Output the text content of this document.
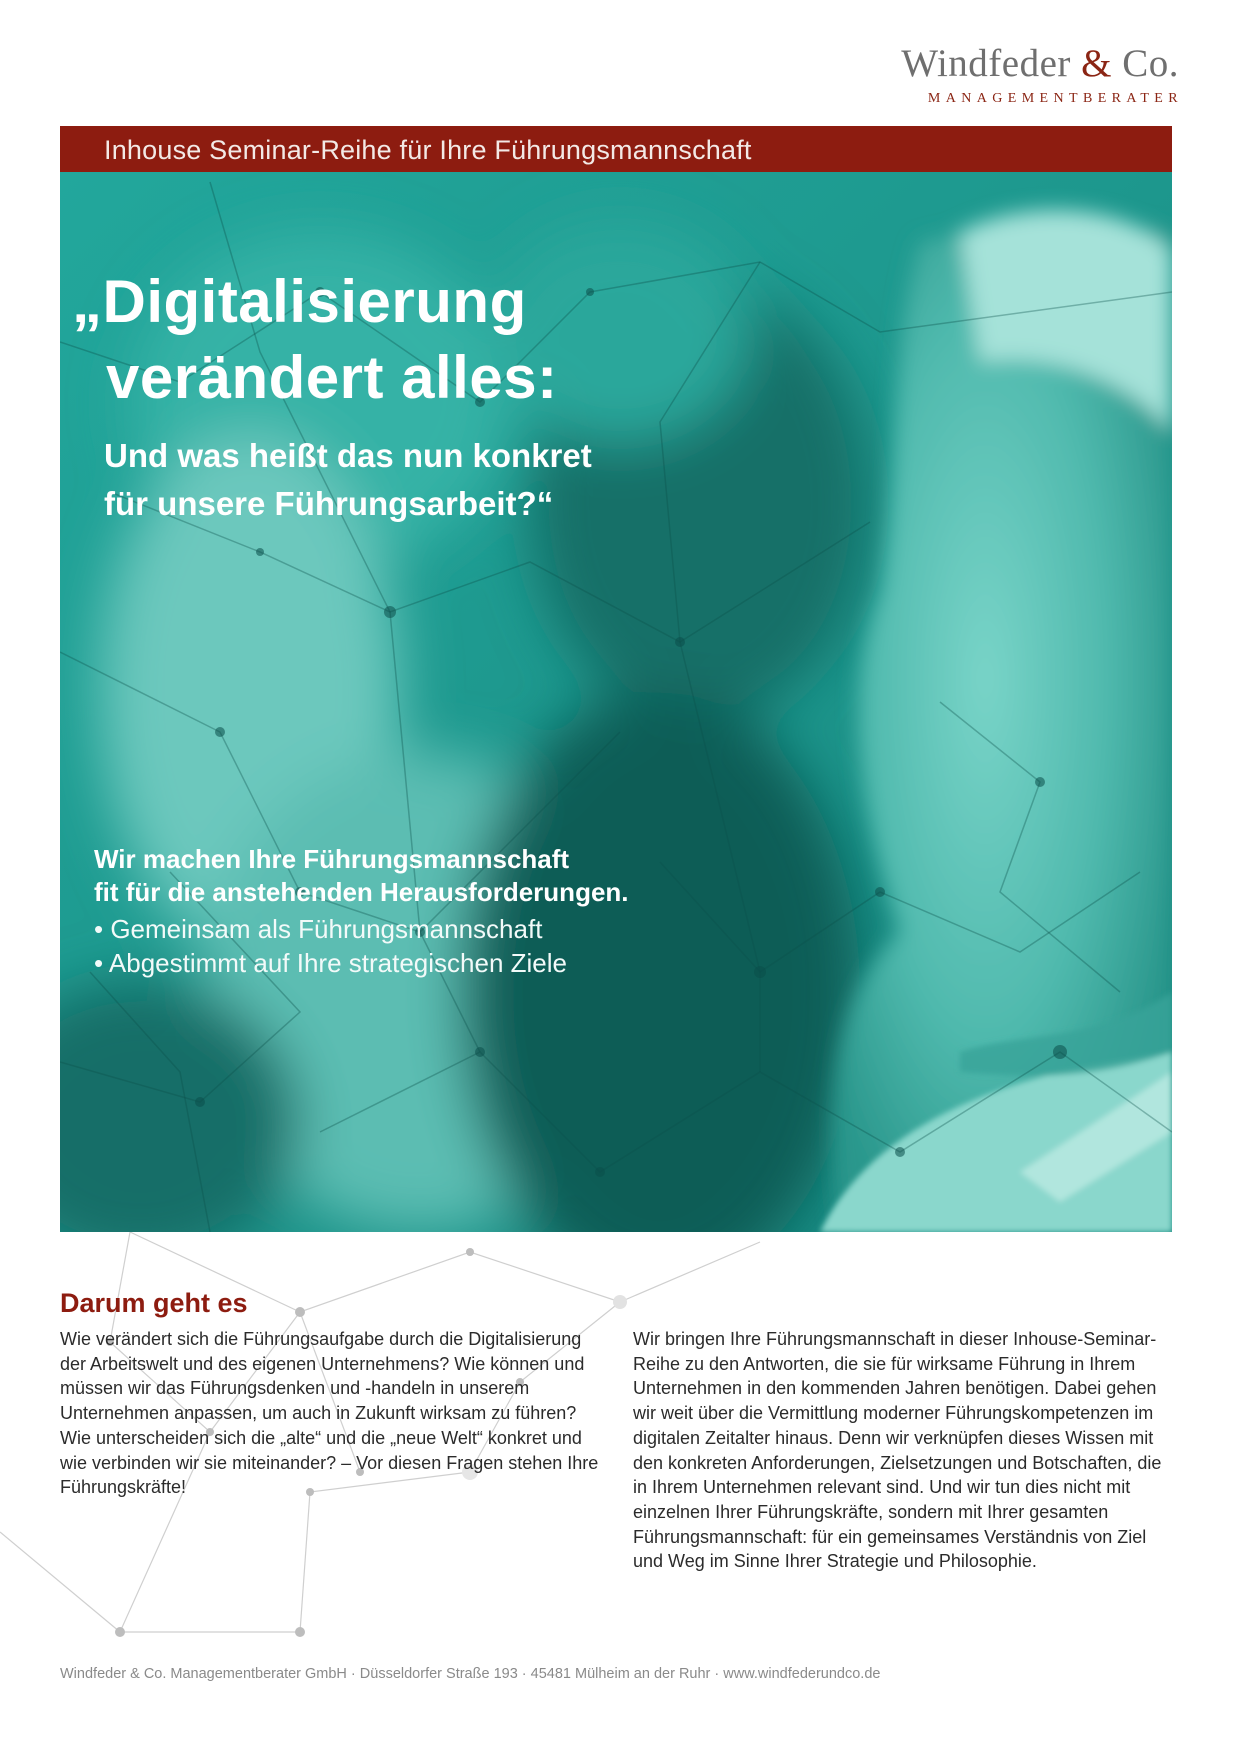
Windfeder & Co.
MANAGEMENTBERATER
Inhouse Seminar-Reihe für Ihre Führungsmannschaft
„Digitalisierung
verändert alles:
Und was heißt das nun konkret
für unsere Führungsarbeit?“
Wir machen Ihre Führungsmannschaft
fit für die anstehenden Herausforderungen.
• Gemeinsam als Führungsmannschaft
• Abgestimmt auf Ihre strategischen Ziele
Darum geht es

Wie verändert sich die Führungsaufgabe durch die Digitalisierung der Arbeitswelt und des eigenen Unternehmens? Wie können und müssen wir das Führungsdenken und -handeln in unserem Unternehmen anpassen, um auch in Zukunft wirksam zu führen? Wie unterscheiden sich die „alte“ und die „neue Welt“ konkret und wie verbinden wir sie miteinander? – Vor diesen Fragen stehen Ihre Führungskräfte!

Wir bringen Ihre Führungsmannschaft in dieser Inhouse-Seminar-Reihe zu den Antworten, die sie für wirksame Führung in Ihrem Unternehmen in den kommenden Jahren benötigen. Dabei gehen wir weit über die Vermittlung moderner Führungskompetenzen im digitalen Zeitalter hinaus. Denn wir verknüpfen dieses Wissen mit den konkreten Anforderungen, Zielsetzungen und Botschaften, die in Ihrem Unternehmen relevant sind. Und wir tun dies nicht mit einzelnen Ihrer Führungskräfte, sondern mit Ihrer gesamten Führungsmannschaft: für ein gemeinsames Verständnis von Ziel und Weg im Sinne Ihrer Strategie und Philosophie.

Windfeder & Co. Managementberater GmbH · Düsseldorfer Straße 193 · 45481 Mülheim an der Ruhr · www.windfederundco.de
